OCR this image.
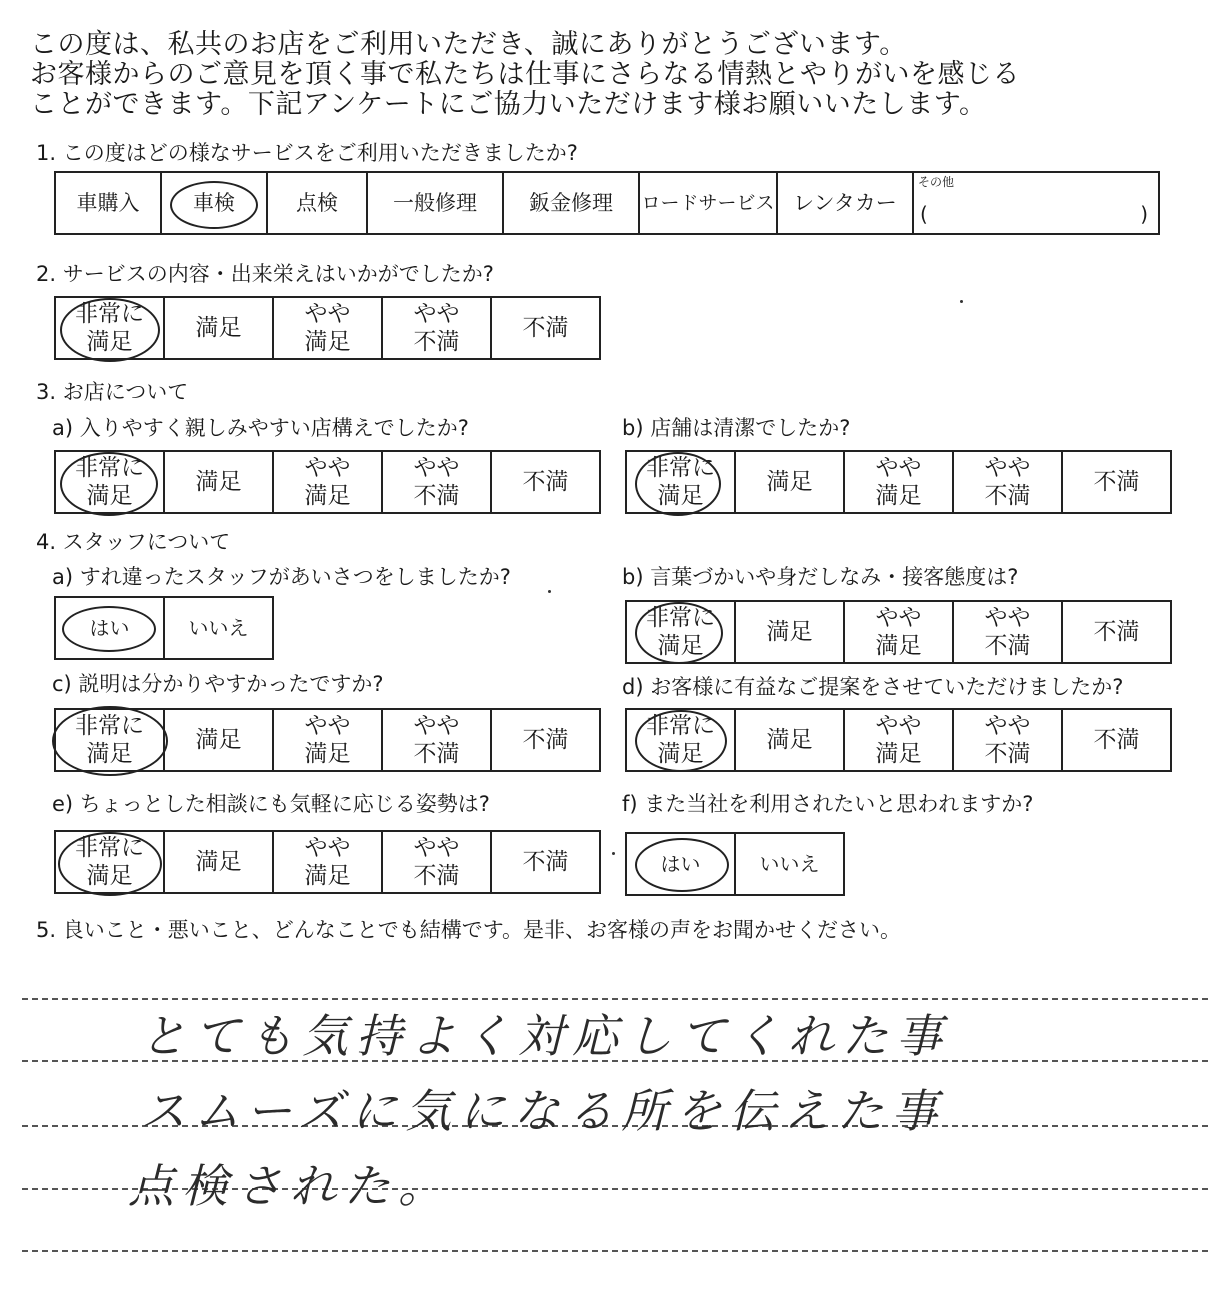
この度は、私共のお店をご利用いただき、誠にありがとうございます。
お客様からのご意見を頂く事で私たちは仕事にさらなる情熱とやりがいを感じる
ことができます。下記アンケートにご協力いただけます様お願いいたします。
1. この度はどの様なサービスをご利用いただきましたか?
車購入	車検	点検	一般修理	鈑金修理	ロードサービス	レンタカー	
その他
(	)
2. サービスの内容・出来栄えはいかがでしたか?
非常に
満足
	満足	
やや
満足

やや
不満
	不満
3. お店について
a) 入りやすく親しみやすい店構えでしたか?	b) 店舗は清潔でしたか?
非常に
満足
	満足	
やや
満足

やや
不満
	不満
非常に
満足
	満足	
やや
満足

やや
不満
	不満
4. スタッフについて
a) すれ違ったスタッフがあいさつをしましたか?	b) 言葉づかいや身だしなみ・接客態度は?
はい	いいえ	非常に
満足
	満足	
やや
満足

やや
不満
	不満
c) 説明は分かりやすかったですか?	d) お客様に有益なご提案をさせていただけましたか?
非常に
満足
	満足	
やや
満足

やや
不満
	不満
非常に
満足
	満足	
やや
満足

やや
不満
	不満
e) ちょっとした相談にも気軽に応じる姿勢は?	f) また当社を利用されたいと思われますか?
非常に
満足
	満足	
やや
満足

やや
不満
	不満	はい	いいえ
5. 良いこと・悪いこと、どんなことでも結構です。是非、お客様の声をお聞かせください。
とても気持よく対応してくれた事
スムーズに気になる所を伝えた事
点検された。
